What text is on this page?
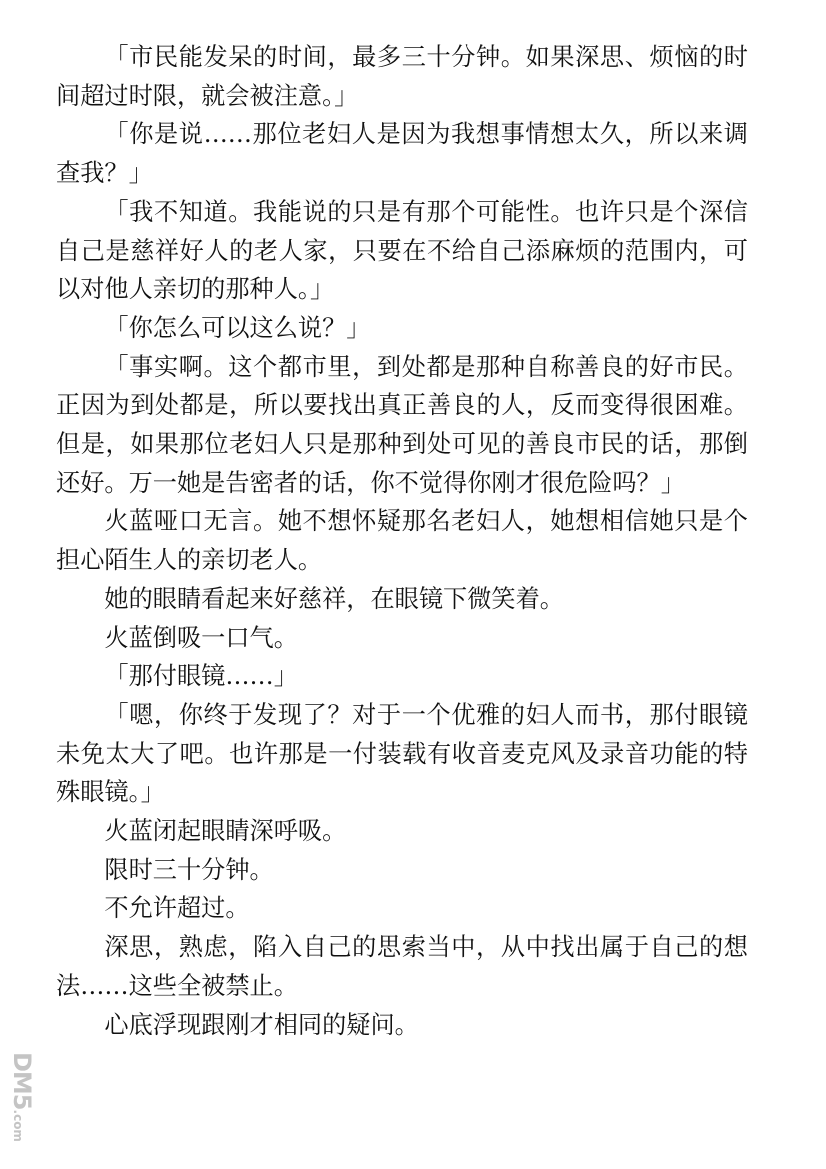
「市民能发呆的时间，最多三十分钟。如果深思、烦恼的时间超过时限，就会被注意。」

「你是说……那位老妇人是因为我想事情想太久，所以来调查我？」

「我不知道。我能说的只是有那个可能性。也许只是个深信自己是慈祥好人的老人家，只要在不给自己添麻烦的范围内，可以对他人亲切的那种人。」

「你怎么可以这么说？」

「事实啊。这个都市里，到处都是那种自称善良的好市民。正因为到处都是，所以要找出真正善良的人，反而变得很困难。但是，如果那位老妇人只是那种到处可见的善良市民的话，那倒还好。万一她是告密者的话，你不觉得你刚才很危险吗？」

火蓝哑口无言。她不想怀疑那名老妇人，她想相信她只是个担心陌生人的亲切老人。

她的眼睛看起来好慈祥，在眼镜下微笑着。

火蓝倒吸一口气。

「那付眼镜……」

「嗯，你终于发现了？对于一个优雅的妇人而书，那付眼镜未免太大了吧。也许那是一付装载有收音麦克风及录音功能的特殊眼镜。」

火蓝闭起眼睛深呼吸。

限时三十分钟。

不允许超过。

深思，熟虑，陷入自己的思索当中，从中找出属于自己的想法……这些全被禁止。

心底浮现跟刚才相同的疑问。

DM5.com
